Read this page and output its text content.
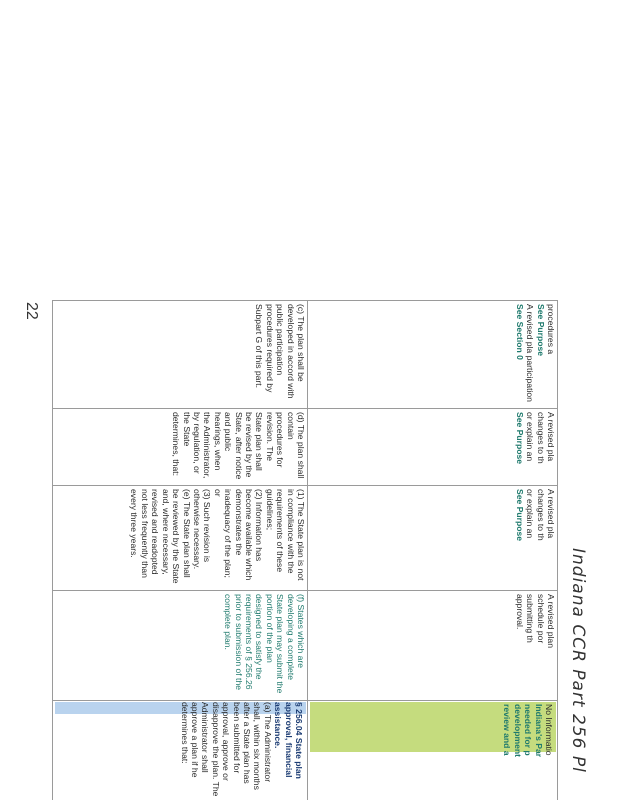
Indiana CCR Part 256 Pl
22	(c) The plan shall be developed in accord with public participation procedures required by Subpart G of this part.

(d) The plan shall contain procedures for revision. The State plan shall be revised by the State, after notice and public hearings, when the Administrator, by regulation, or the State determines, that:

(1) The State plan is not in compliance with the requirements of these guidelines;

(2) Information has become available which demonstrates the inadequacy of the plan; or

(3) Such revision is otherwise necessary.

(e) The State plan shall be reviewed by the State and, where necessary, revised and readopted not less frequently than every three years.

(f) States which are developing a complete State plan may submit the portion of the plan designed to satisfy the requirements of § 256.26 prior to submission of the complete plan.

§ 256.04 State plan approval, financial assistance.

(a) The Administrator shall, within six months after a State plan has been submitted for approval, approve or disapprove the plan. The Administrator shall approve a plan if he determines that:

procedures a

See Purpose

A revised pla participation

See Section 0

A revised pla

changes to th

or explain an

See Purpose

A revised pla

changes to th

or explain an

See Purpose

A revised plan

schedule por

submitting th

approval.

No Informatio

Indiana's Par

needed for p

development

review and a
